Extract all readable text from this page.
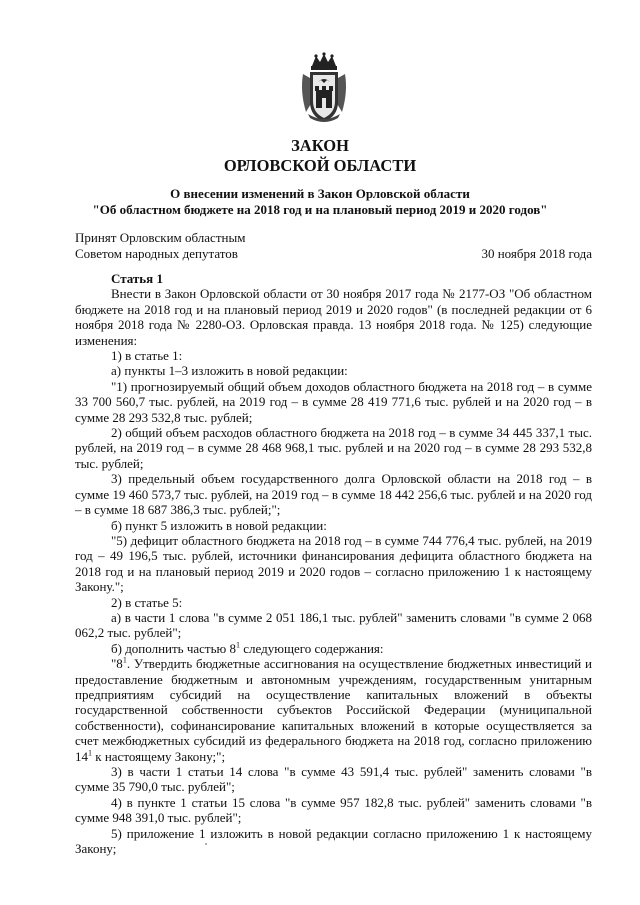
ЗАКОН
ОРЛОВСКОЙ ОБЛАСТИ
О внесении изменений в Закон Орловской области
"Об областном бюджете на 2018 год и на плановый период 2019 и 2020 годов"
Принят Орловским областным
Советом народных депутатов	30 ноября 2018 года

Статья 1

Внести в Закон Орловской области от 30 ноября 2017 года № 2177-ОЗ "Об областном бюджете на 2018 год и на плановый период 2019 и 2020 годов" (в последней редакции от 6 ноября 2018 года № 2280-ОЗ. Орловская правда. 13 ноября 2018 года. № 125) следующие изменения:

1) в статье 1:

а) пункты 1–3 изложить в новой редакции:

"1) прогнозируемый общий объем доходов областного бюджета на 2018 год – в сумме 33 700 560,7 тыс. рублей, на 2019 год – в сумме 28 419 771,6 тыс. рублей и на 2020 год – в сумме 28 293 532,8 тыс. рублей;

2) общий объем расходов областного бюджета на 2018 год – в сумме 34 445 337,1 тыс. рублей, на 2019 год – в сумме 28 468 968,1 тыс. рублей и на 2020 год – в сумме 28 293 532,8 тыс. рублей;

3) предельный объем государственного долга Орловской области на 2018 год – в сумме 19 460 573,7 тыс. рублей, на 2019 год – в сумме 18 442 256,6 тыс. рублей и на 2020 год – в сумме 18 687 386,3 тыс. рублей;";

б) пункт 5 изложить в новой редакции:

"5) дефицит областного бюджета на 2018 год – в сумме 744 776,4 тыс. рублей, на 2019 год – 49 196,5 тыс. рублей, источники финансирования дефицита областного бюджета на 2018 год и на плановый период 2019 и 2020 годов – согласно приложению 1 к настоящему Закону.";

2) в статье 5:

а) в части 1 слова "в сумме 2 051 186,1 тыс. рублей" заменить словами "в сумме 2 068 062,2 тыс. рублей";

б) дополнить частью $8^1$ следующего содержания:

"$8^1$. Утвердить бюджетные ассигнования на осуществление бюджетных инвестиций и предоставление бюджетным и автономным учреждениям, государственным унитарным предприятиям субсидий на осуществление капитальных вложений в объекты государственной собственности субъектов Российской Федерации (муниципальной собственности), софинансирование капитальных вложений в которые осуществляется за счет межбюджетных субсидий из федерального бюджета на 2018 год, согласно приложению $14^1$ к настоящему Закону;";

3) в части 1 статьи 14 слова "в сумме 43 591,4 тыс. рублей" заменить словами "в сумме 35 790,0 тыс. рублей";

4) в пункте 1 статьи 15 слова "в сумме 957 182,8 тыс. рублей" заменить словами "в сумме 948 391,0 тыс. рублей";

5) приложение 1 изложить в новой редакции согласно приложению 1 к настоящему Закону;
